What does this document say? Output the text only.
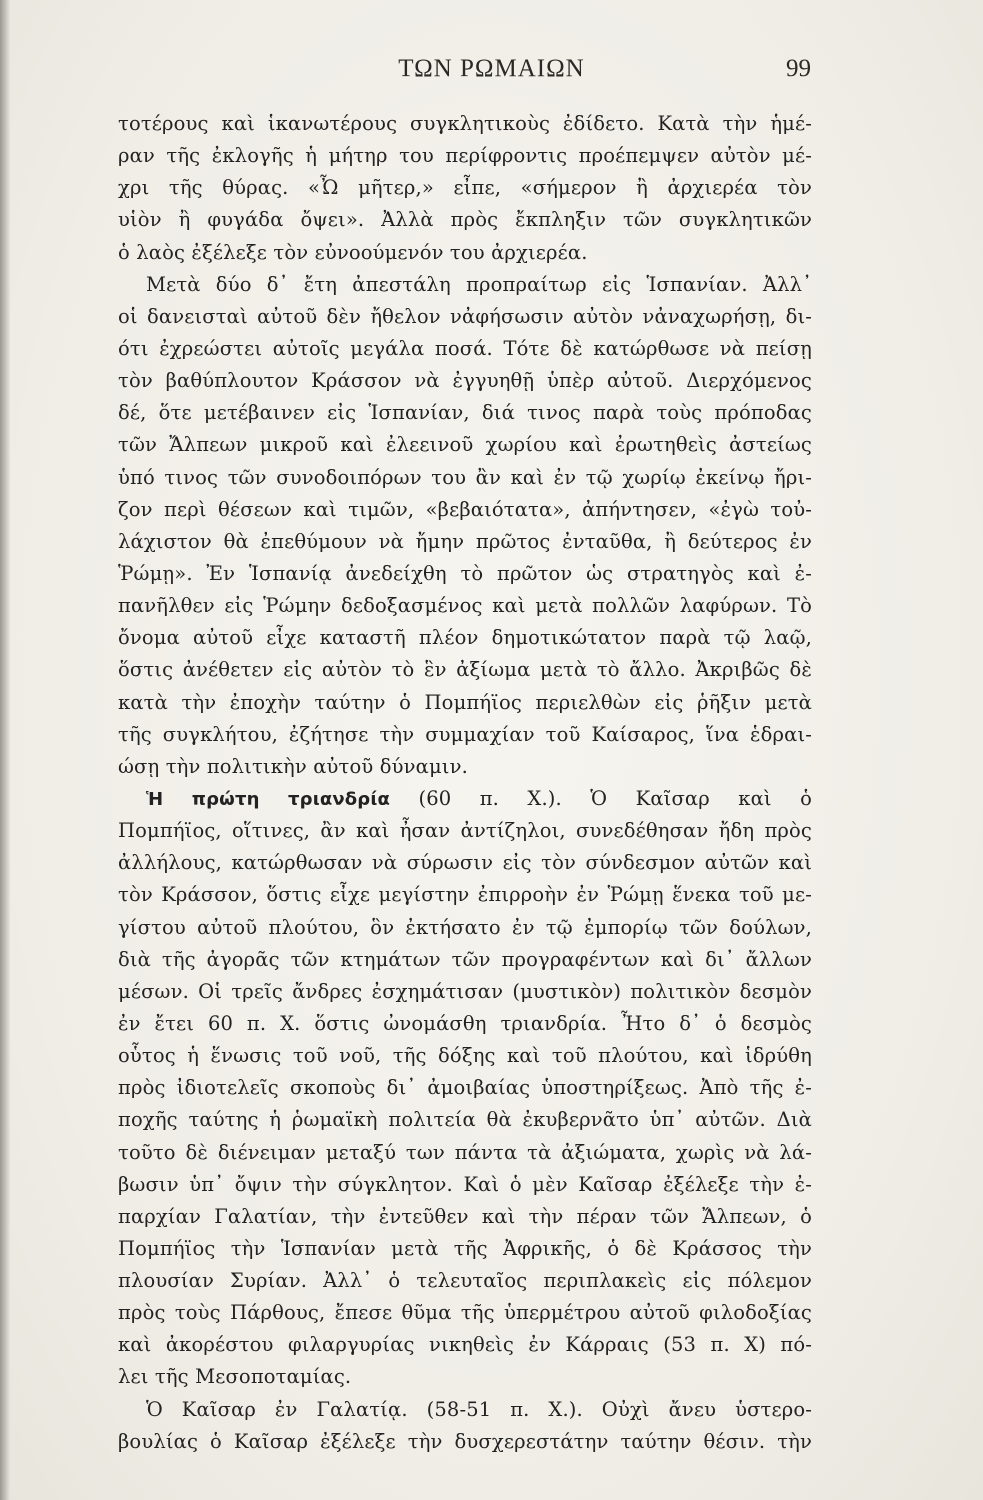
ΤΩΝ ΡΩΜΑΙΩΝ	99
τοτέρους καὶ ἱκανωτέρους συγκλητικοὺς ἐδίδετο. Κατὰ τὴν ἡμέ-
ραν τῆς ἐκλογῆς ἡ μήτηρ του περίφροντις προέπεμψεν αὐτὸν μέ-
χρι τῆς θύρας. «Ὦ μῆτερ,» εἶπε, «σήμερον ἢ ἀρχιερέα τὸν
υἱὸν ἢ φυγάδα ὄψει». Ἀλλὰ πρὸς ἔκπληξιν τῶν συγκλητικῶν
ὁ λαὸς ἐξέλεξε τὸν εὐνοούμενόν του ἀρχιερέα.
Μετὰ δύο δ᾽ ἔτη ἀπεστάλη προπραίτωρ εἰς Ἱσπανίαν. Ἀλλ᾽
οἱ δανεισταὶ αὐτοῦ δὲν ἤθελον νἀφήσωσιν αὐτὸν νἀναχωρήσῃ, δι-
ότι ἐχρεώστει αὐτοῖς μεγάλα ποσά. Τότε δὲ κατώρθωσε νὰ πείσῃ
τὸν βαθύπλουτον Κράσσον νὰ ἐγγυηθῇ ὑπὲρ αὐτοῦ. Διερχόμενος
δέ, ὅτε μετέβαινεν εἰς Ἱσπανίαν, διά τινος παρὰ τοὺς πρόποδας
τῶν Ἄλπεων μικροῦ καὶ ἐλεεινοῦ χωρίου καὶ ἐρωτηθεὶς ἀστείως
ὑπό τινος τῶν συνοδοιπόρων του ἂν καὶ ἐν τῷ χωρίῳ ἐκείνῳ ἤρι-
ζον περὶ θέσεων καὶ τιμῶν, «βεβαιότατα», ἀπήντησεν, «ἐγὼ τοὐ-
λάχιστον θὰ ἐπεθύμουν νὰ ἤμην πρῶτος ἐνταῦθα, ἢ δεύτερος ἐν
Ῥώμῃ». Ἐν Ἱσπανίᾳ ἀνεδείχθη τὸ πρῶτον ὡς στρατηγὸς καὶ ἐ-
πανῆλθεν εἰς Ῥώμην δεδοξασμένος καὶ μετὰ πολλῶν λαφύρων. Τὸ
ὄνομα αὐτοῦ εἶχε καταστῆ πλέον δημοτικώτατον παρὰ τῷ λαῷ,
ὅστις ἀνέθετεν εἰς αὐτὸν τὸ ἓν ἀξίωμα μετὰ τὸ ἄλλο. Ἀκριβῶς δὲ
κατὰ τὴν ἐποχὴν ταύτην ὁ Πομπήϊος περιελθὼν εἰς ῥῆξιν μετὰ
τῆς συγκλήτου, ἐζήτησε τὴν συμμαχίαν τοῦ Καίσαρος, ἵνα ἑδραι-
ώσῃ τὴν πολιτικὴν αὐτοῦ δύναμιν.
Ἡ πρώτη τριανδρία (60 π. Χ.). Ὁ Καῖσαρ καὶ ὁ
Πομπήϊος, οἵτινες, ἂν καὶ ἦσαν ἀντίζηλοι, συνεδέθησαν ἤδη πρὸς
ἀλλήλους, κατώρθωσαν νὰ σύρωσιν εἰς τὸν σύνδεσμον αὐτῶν καὶ
τὸν Κράσσον, ὅστις εἶχε μεγίστην ἐπιρροὴν ἐν Ῥώμῃ ἕνεκα τοῦ με-
γίστου αὐτοῦ πλούτου, ὃν ἐκτήσατο ἐν τῷ ἐμπορίῳ τῶν δούλων,
διὰ τῆς ἀγορᾶς τῶν κτημάτων τῶν προγραφέντων καὶ δι᾽ ἄλλων
μέσων. Οἱ τρεῖς ἄνδρες ἐσχημάτισαν (μυστικὸν) πολιτικὸν δεσμὸν
ἐν ἔτει 60 π. Χ. ὅστις ὠνομάσθη τριανδρία. Ἦτο δ᾽ ὁ δεσμὸς
οὗτος ἡ ἕνωσις τοῦ νοῦ, τῆς δόξης καὶ τοῦ πλούτου, καὶ ἱδρύθη
πρὸς ἰδιοτελεῖς σκοποὺς δι᾽ ἀμοιβαίας ὑποστηρίξεως. Ἀπὸ τῆς ἐ-
ποχῆς ταύτης ἡ ῥωμαϊκὴ πολιτεία θὰ ἐκυβερνᾶτο ὑπ᾽ αὐτῶν. Διὰ
τοῦτο δὲ διένειμαν μεταξύ των πάντα τὰ ἀξιώματα, χωρὶς νὰ λά-
βωσιν ὑπ᾽ ὄψιν τὴν σύγκλητον. Καὶ ὁ μὲν Καῖσαρ ἐξέλεξε τὴν ἐ-
παρχίαν Γαλατίαν, τὴν ἐντεῦθεν καὶ τὴν πέραν τῶν Ἄλπεων, ὁ
Πομπήϊος τὴν Ἱσπανίαν μετὰ τῆς Ἀφρικῆς, ὁ δὲ Κράσσος τὴν
πλουσίαν Συρίαν. Ἀλλ᾽ ὁ τελευταῖος περιπλακεὶς εἰς πόλεμον
πρὸς τοὺς Πάρθους, ἔπεσε θῦμα τῆς ὑπερμέτρου αὐτοῦ φιλοδοξίας
καὶ ἀκορέστου φιλαργυρίας νικηθεὶς ἐν Κάρραις (53 π. Χ) πό-
λει τῆς Μεσοποταμίας.
Ὁ Καῖσαρ ἐν Γαλατίᾳ. (58-51 π. Χ.). Οὐχὶ ἄνευ ὑστερο-
βουλίας ὁ Καῖσαρ ἐξέλεξε τὴν δυσχερεστάτην ταύτην θέσιν. τὴν
